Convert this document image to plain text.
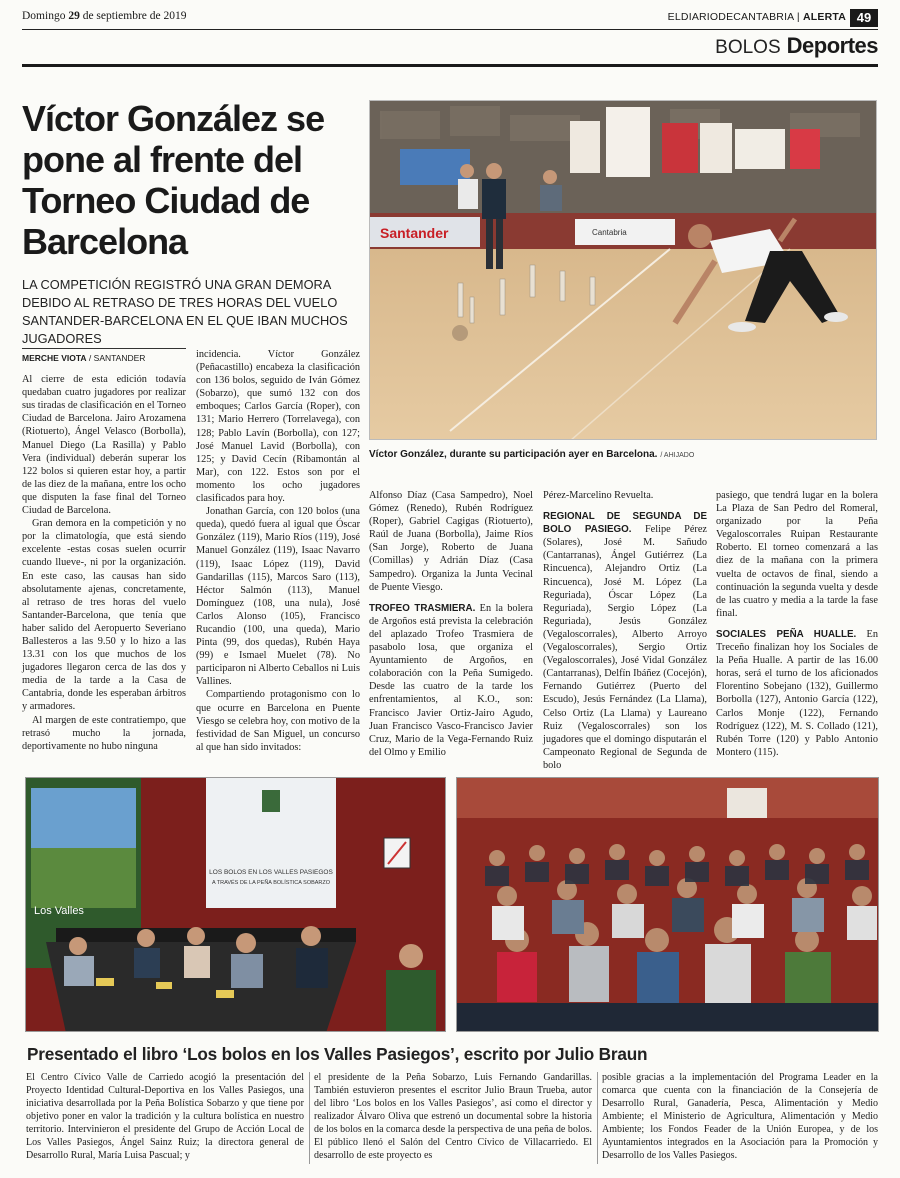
Domingo 29 de septiembre de 2019	ELDIARIODECANTABRIA | ALERTA 49
BOLOS Deportes
Víctor González se pone al frente del Torneo Ciudad de Barcelona
LA COMPETICIÓN REGISTRÓ UNA GRAN DEMORA DEBIDO AL RETRASO DE TRES HORAS DEL VUELO SANTANDER-BARCELONA EN EL QUE IBAN MUCHOS JUGADORES
Santander	Cantabria
Víctor González, durante su participación ayer en Barcelona. / AHIJADO
MERCHE VIOTA / SANTANDER

Al cierre de esta edición todavía quedaban cuatro jugadores por realizar sus tiradas de clasificación en el Torneo Ciudad de Barcelona. Jairo Arozamena (Riotuerto), Ángel Velasco (Borbolla), Manuel Diego (La Rasilla) y Pablo Vera (individual) deberán superar los 122 bolos si quieren estar hoy, a partir de las diez de la mañana, entre los ocho que disputen la fase final del Torneo Ciudad de Barcelona.

Gran demora en la competición y no por la climatología, que está siendo excelente -estas cosas suelen ocurrir cuando llueve-, ni por la organización. En este caso, las causas han sido absolutamente ajenas, concretamente, al retraso de tres horas del vuelo Santander-Barcelona, que tenía que haber salido del Aeropuerto Severiano Ballesteros a las 9.50 y lo hizo a las 13.31 con los que muchos de los jugadores llegaron cerca de las dos y media de la tarde a la Casa de Cantabria, donde les esperaban árbitros y armadores.

Al margen de este contratiempo, que retrasó mucho la jornada, deportivamente no hubo ninguna

incidencia. Víctor González (Peñacastillo) encabeza la clasificación con 136 bolos, seguido de Iván Gómez (Sobarzo), que sumó 132 con dos emboques; Carlos García (Roper), con 131; Mario Herrero (Torrelavega), con 128; Pablo Lavín (Borbolla), con 127; José Manuel Lavid (Borbolla), con 125; y David Cecín (Ribamontán al Mar), con 122. Estos son por el momento los ocho jugadores clasificados para hoy.

Jonathan García, con 120 bolos (una queda), quedó fuera al igual que Óscar González (119), Mario Ríos (119), José Manuel González (119), Isaac Navarro (119), Isaac López (119), David Gandarillas (115), Marcos Saro (113), Héctor Salmón (113), Manuel Domínguez (108, una nula), José Carlos Alonso (105), Francisco Rucandio (100, una queda), Mario Pinta (99, dos quedas), Rubén Haya (99) e Ismael Muelet (78). No participaron ni Alberto Ceballos ni Luis Vallines.

Compartiendo protagonismo con lo que ocurre en Barcelona en Puente Viesgo se celebra hoy, con motivo de la festividad de San Miguel, un concurso al que han sido invitados:

Alfonso Díaz (Casa Sampedro), Noel Gómez (Renedo), Rubén Rodríguez (Roper), Gabriel Cagigas (Riotuerto), Raúl de Juana (Borbolla), Jaime Ríos (San Jorge), Roberto de Juana (Comillas) y Adrián Díaz (Casa Sampedro). Organiza la Junta Vecinal de Puente Viesgo.

TROFEO TRASMIERA. En la bolera de Argoños está prevista la celebración del aplazado Trofeo Trasmiera de pasabolo losa, que organiza el Ayuntamiento de Argoños, en colaboración con la Peña Sumigedo. Desde las cuatro de la tarde los enfrentamientos, al K.O., son: Francisco Javier Ortiz-Jairo Agudo, Juan Francisco Vasco-Francisco Javier Cruz, Mario de la Vega-Fernando Ruiz del Olmo y Emilio

Pérez-Marcelino Revuelta.

REGIONAL DE SEGUNDA DE BOLO PASIEGO. Felipe Pérez (Solares), José M. Sañudo (Cantarranas), Ángel Gutiérrez (La Rincuenca), Alejandro Ortiz (La Rincuenca), José M. López (La Reguriada), Óscar López (La Reguriada), Sergio López (La Reguriada), Jesús González (Vegaloscorrales), Alberto Arroyo (Vegaloscorrales), Sergio Ortiz (Vegaloscorrales), José Vidal González (Cantarranas), Delfín Ibáñez (Cocejón), Fernando Gutiérrez (Puerto del Escudo), Jesús Fernández (La Llama), Celso Ortiz (La Llama) y Laureano Ruiz (Vegaloscorrales) son los jugadores que el domingo disputarán el Campeonato Regional de Segunda de bolo

pasiego, que tendrá lugar en la bolera La Plaza de San Pedro del Romeral, organizado por la Peña Vegaloscorrales Ruipan Restaurante Roberto. El torneo comenzará a las diez de la mañana con la primera vuelta de octavos de final, siendo a continuación la segunda vuelta y desde de las cuatro y media a la tarde la fase final.

SOCIALES PEÑA HUALLE. En Treceño finalizan hoy los Sociales de la Peña Hualle. A partir de las 16.00 horas, será el turno de los aficionados Florentino Sobejano (132), Guillermo Borbolla (127), Antonio García (122), Carlos Monje (122), Fernando Rodríguez (122), M. S. Collado (121), Rubén Torre (120) y Pablo Antonio Montero (115).

Los Valles
LOS BOLOS EN LOS VALLES PASIEGOS
A TRAVÉS DE LA PEÑA BOLÍSTICA SOBARZO
Presentado el libro ‘Los bolos en los Valles Pasiegos’, escrito por Julio Braun
El Centro Cívico Valle de Carriedo acogió la presentación del Proyecto Identidad Cultural-Deportiva en los Valles Pasiegos, una iniciativa desarrollada por la Peña Bolística Sobarzo y que tiene por objetivo poner en valor la tradición y la cultura bolística en nuestro territorio. Intervinieron el presidente del Grupo de Acción Local de Los Valles Pasiegos, Ángel Sainz Ruiz; la directora general de Desarrollo Rural, María Luisa Pascual; y
el presidente de la Peña Sobarzo, Luis Fernando Gandarillas. También estuvieron presentes el escritor Julio Braun Trueba, autor del libro ‘Los bolos en los Valles Pasiegos’, así como el director y realizador Álvaro Oliva que estrenó un documental sobre la historia de los bolos en la comarca desde la perspectiva de una peña de bolos. El público llenó el Salón del Centro Cívico de Villacarriedo. El desarrollo de este proyecto es
posible gracias a la implementación del Programa Leader en la comarca que cuenta con la financiación de la Consejería de Desarrollo Rural, Ganadería, Pesca, Alimentación y Medio Ambiente; el Ministerio de Agricultura, Alimentación y Medio Ambiente; los Fondos Feader de la Unión Europea, y de los Ayuntamientos integrados en la Asociación para la Promoción y Desarrollo de los Valles Pasiegos.
